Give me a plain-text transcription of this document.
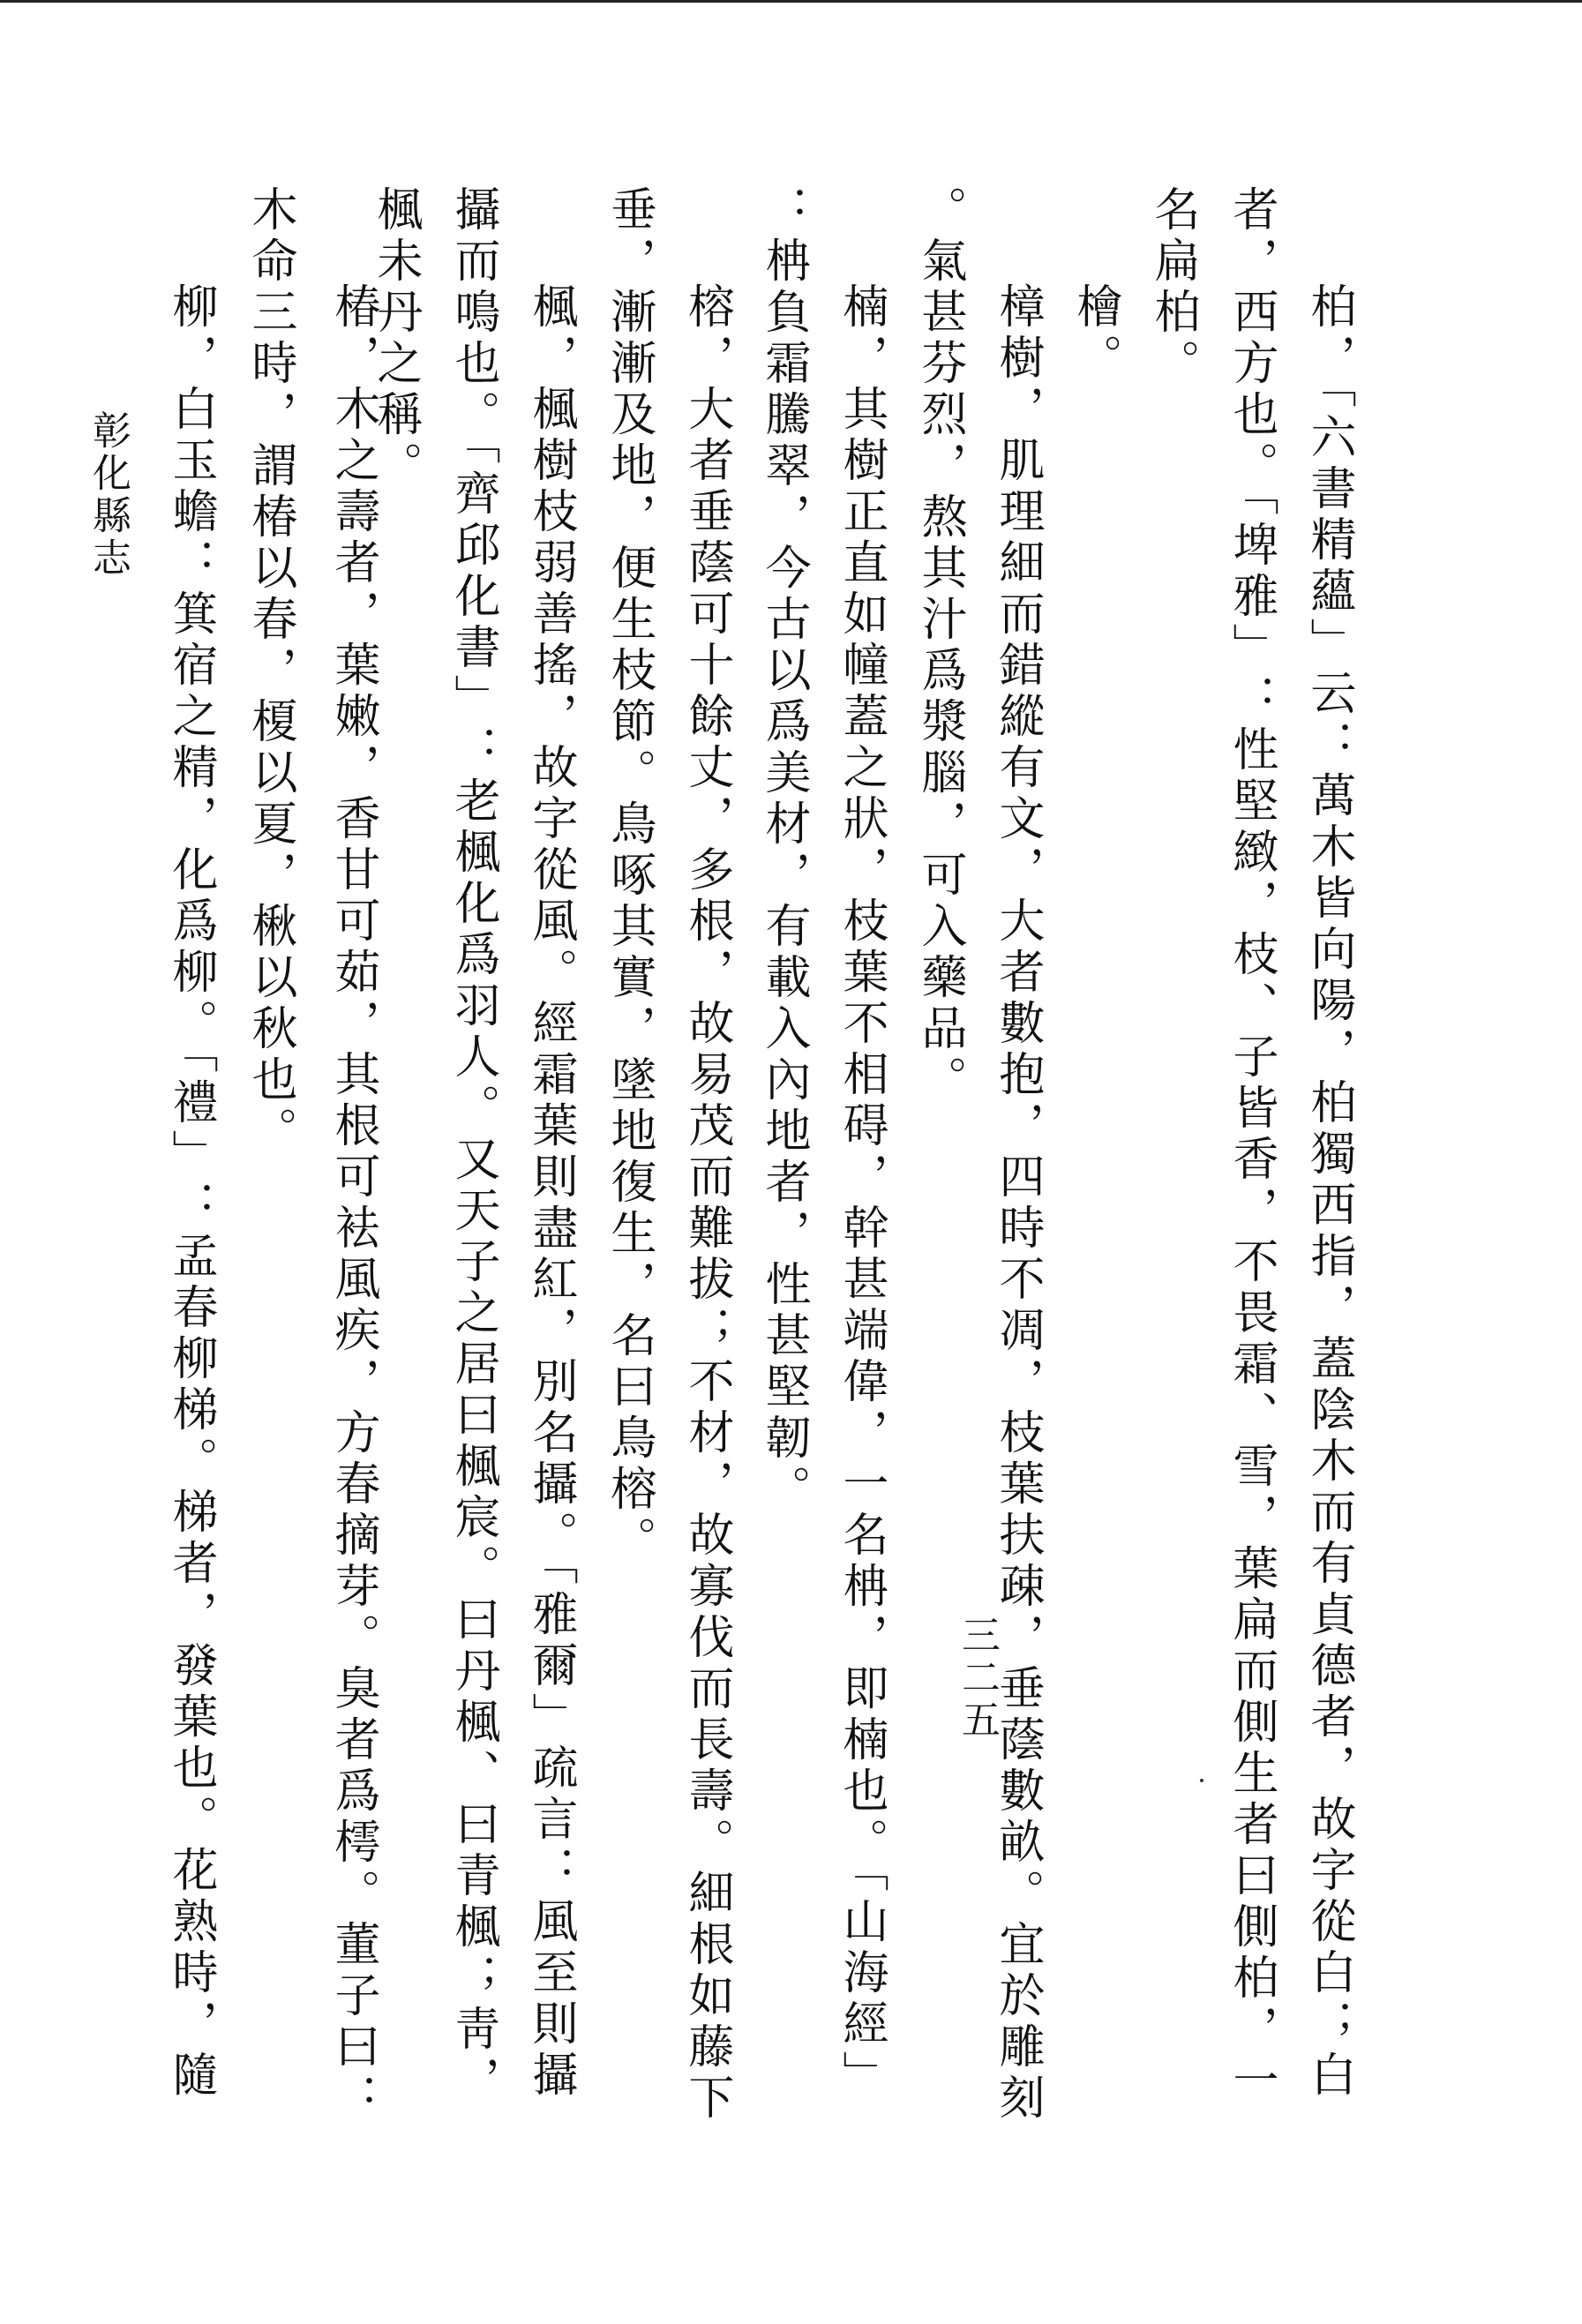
柏，「六書精蘊」云：萬木皆向陽，柏獨西指，蓋陰木而有貞德者，故字從白；白
者，西方也。「埤雅」：性堅緻，枝、子皆香，不畏霜、雪，葉扁而側生者曰側柏，一
名扁柏。
檜。
樟樹，肌理細而錯縱有文，大者數抱，四時不凋，枝葉扶疎，垂蔭數畝。宜於雕刻
。氣甚芬烈，熬其汁爲漿腦，可入藥品。
楠，其樹正直如幢蓋之狀，枝葉不相碍，幹甚端偉，一名柟，即楠也。「山海經」
：柟負霜騰翠，今古以爲美材，有載入內地者，性甚堅韌。
榕，大者垂蔭可十餘丈，多根，故易茂而難拔；不材，故寡伐而長壽。細根如藤下
垂，漸漸及地，便生枝節。鳥啄其實，墜地復生，名曰鳥榕。
楓，楓樹枝弱善搖，故字從風。經霜葉則盡紅，別名攝。「雅爾」疏言：風至則攝
攝而鳴也。「齊邱化書」：老楓化爲羽人。又天子之居曰楓宸。曰丹楓、曰青楓；靑，
楓未丹之稱。
椿，木之壽者，葉嫩，香甘可茹，其根可袪風疾，方春摘芽。臭者爲樗。董子曰：
木命三時，謂椿以春，榎以夏，楸以秋也。
柳，白玉蟾：箕宿之精，化爲柳。「禮」：孟春柳梯。梯者，發葉也。花熟時，隨
彰化縣志
三二五
